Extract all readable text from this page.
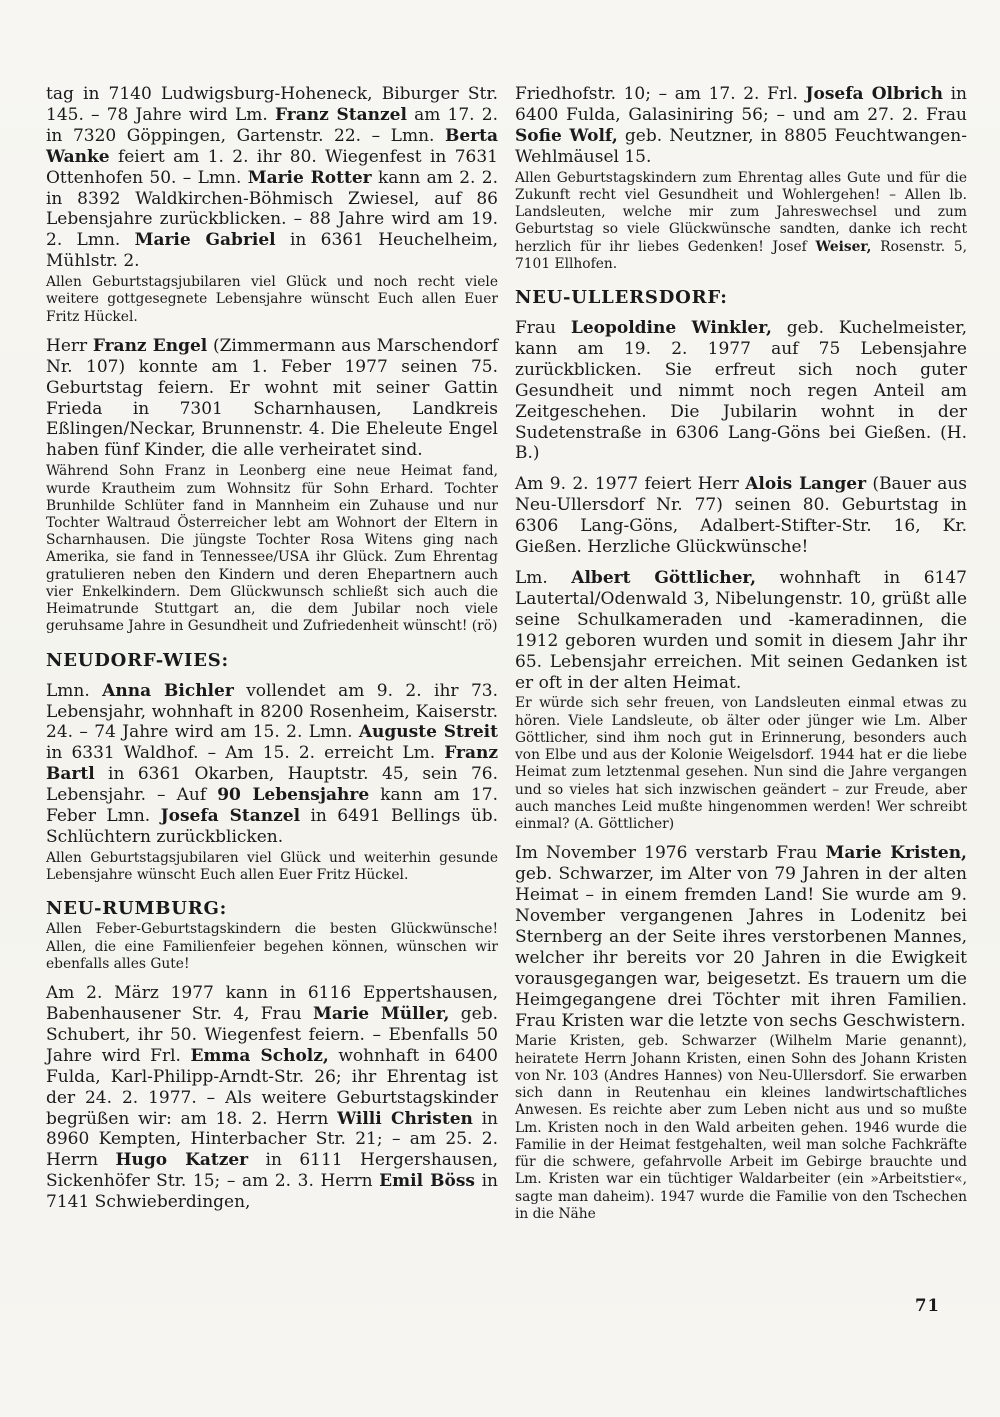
tag in 7140 Ludwigsburg-Hoheneck, Biburger Str. 145. – 78 Jahre wird Lm. Franz Stanzel am 17. 2. in 7320 Göppingen, Gartenstr. 22. – Lmn. Berta Wanke feiert am 1. 2. ihr 80. Wiegenfest in 7631 Ottenhofen 50. – Lmn. Marie Rotter kann am 2. 2. in 8392 Waldkirchen-Böhmisch Zwiesel, auf 86 Lebensjahre zurückblicken. – 88 Jahre wird am 19. 2. Lmn. Marie Gabriel in 6361 Heuchelheim, Mühlstr. 2.
Allen Geburtstagsjubilaren viel Glück und noch recht viele weitere gottgesegnete Lebensjahre wünscht Euch allen Euer Fritz Hückel.
Herr Franz Engel (Zimmermann aus Marschendorf Nr. 107) konnte am 1. Feber 1977 seinen 75. Geburtstag feiern. Er wohnt mit seiner Gattin Frieda in 7301 Scharnhausen, Landkreis Eßlingen/Neckar, Brunnenstr. 4. Die Eheleute Engel haben fünf Kinder, die alle verheiratet sind.
Während Sohn Franz in Leonberg eine neue Heimat fand, wurde Krautheim zum Wohnsitz für Sohn Erhard. Tochter Brunhilde Schlüter fand in Mannheim ein Zuhause und nur Tochter Waltraud Österreicher lebt am Wohnort der Eltern in Scharnhausen. Die jüngste Tochter Rosa Witens ging nach Amerika, sie fand in Tennessee/USA ihr Glück. Zum Ehrentag gratulieren neben den Kindern und deren Ehepartnern auch vier Enkelkindern. Dem Glückwunsch schließt sich auch die Heimatrunde Stuttgart an, die dem Jubilar noch viele geruhsame Jahre in Gesundheit und Zufriedenheit wünscht! (rö)
NEUDORF-WIES:
Lmn. Anna Bichler vollendet am 9. 2. ihr 73. Lebensjahr, wohnhaft in 8200 Rosenheim, Kaiserstr. 24. – 74 Jahre wird am 15. 2. Lmn. Auguste Streit in 6331 Waldhof. – Am 15. 2. erreicht Lm. Franz Bartl in 6361 Okarben, Hauptstr. 45, sein 76. Lebensjahr. – Auf 90 Lebensjahre kann am 17. Feber Lmn. Josefa Stanzel in 6491 Bellings üb. Schlüchtern zurückblicken.
Allen Geburtstagsjubilaren viel Glück und weiterhin gesunde Lebensjahre wünscht Euch allen Euer Fritz Hückel.
NEU-RUMBURG:
Allen Feber-Geburtstagskindern die besten Glückwünsche! Allen, die eine Familienfeier begehen können, wünschen wir ebenfalls alles Gute!
Am 2. März 1977 kann in 6116 Eppertshausen, Babenhausener Str. 4, Frau Marie Müller, geb. Schubert, ihr 50. Wiegenfest feiern. – Ebenfalls 50 Jahre wird Frl. Emma Scholz, wohnhaft in 6400 Fulda, Karl-Philipp-Arndt-Str. 26; ihr Ehrentag ist der 24. 2. 1977. – Als weitere Geburtstagskinder begrüßen wir: am 18. 2. Herrn Willi Christen in 8960 Kempten, Hinterbacher Str. 21; – am 25. 2. Herrn Hugo Katzer in 6111 Hergershausen, Sickenhöfer Str. 15; – am 2. 3. Herrn Emil Böss in 7141 Schwieberdingen,
Friedhofstr. 10; – am 17. 2. Frl. Josefa Olbrich in 6400 Fulda, Galasiniring 56; – und am 27. 2. Frau Sofie Wolf, geb. Neutzner, in 8805 Feuchtwangen-Wehlmäusel 15.
Allen Geburtstagskindern zum Ehrentag alles Gute und für die Zukunft recht viel Gesundheit und Wohlergehen! – Allen lb. Landsleuten, welche mir zum Jahreswechsel und zum Geburtstag so viele Glückwünsche sandten, danke ich recht herzlich für ihr liebes Gedenken! Josef Weiser, Rosenstr. 5, 7101 Ellhofen.
NEU-ULLERSDORF:
Frau Leopoldine Winkler, geb. Kuchelmeister, kann am 19. 2. 1977 auf 75 Lebensjahre zurückblicken. Sie erfreut sich noch guter Gesundheit und nimmt noch regen Anteil am Zeitgeschehen. Die Jubilarin wohnt in der Sudetenstraße in 6306 Lang-Göns bei Gießen. (H. B.)
Am 9. 2. 1977 feiert Herr Alois Langer (Bauer aus Neu-Ullersdorf Nr. 77) seinen 80. Geburtstag in 6306 Lang-Göns, Adalbert-Stifter-Str. 16, Kr. Gießen. Herzliche Glückwünsche!
Lm. Albert Göttlicher, wohnhaft in 6147 Lautertal/Odenwald 3, Nibelungenstr. 10, grüßt alle seine Schulkameraden und -kameradinnen, die 1912 geboren wurden und somit in diesem Jahr ihr 65. Lebensjahr erreichen. Mit seinen Gedanken ist er oft in der alten Heimat.
Er würde sich sehr freuen, von Landsleuten einmal etwas zu hören. Viele Landsleute, ob älter oder jünger wie Lm. Alber Göttlicher, sind ihm noch gut in Erinnerung, besonders auch von Elbe und aus der Kolonie Weigelsdorf. 1944 hat er die liebe Heimat zum letztenmal gesehen. Nun sind die Jahre vergangen und so vieles hat sich inzwischen geändert – zur Freude, aber auch manches Leid mußte hingenommen werden! Wer schreibt einmal? (A. Göttlicher)
Im November 1976 verstarb Frau Marie Kristen, geb. Schwarzer, im Alter von 79 Jahren in der alten Heimat – in einem fremden Land! Sie wurde am 9. November vergangenen Jahres in Lodenitz bei Sternberg an der Seite ihres verstorbenen Mannes, welcher ihr bereits vor 20 Jahren in die Ewigkeit vorausgegangen war, beigesetzt. Es trauern um die Heimgegangene drei Töchter mit ihren Familien. Frau Kristen war die letzte von sechs Geschwistern.
Marie Kristen, geb. Schwarzer (Wilhelm Marie genannt), heiratete Herrn Johann Kristen, einen Sohn des Johann Kristen von Nr. 103 (Andres Hannes) von Neu-Ullersdorf. Sie erwarben sich dann in Reutenhau ein kleines landwirtschaftliches Anwesen. Es reichte aber zum Leben nicht aus und so mußte Lm. Kristen noch in den Wald arbeiten gehen. 1946 wurde die Familie in der Heimat festgehalten, weil man solche Fachkräfte für die schwere, gefahrvolle Arbeit im Gebirge brauchte und Lm. Kristen war ein tüchtiger Waldarbeiter (ein »Arbeitstier«, sagte man daheim). 1947 wurde die Familie von den Tschechen in die Nähe
71
